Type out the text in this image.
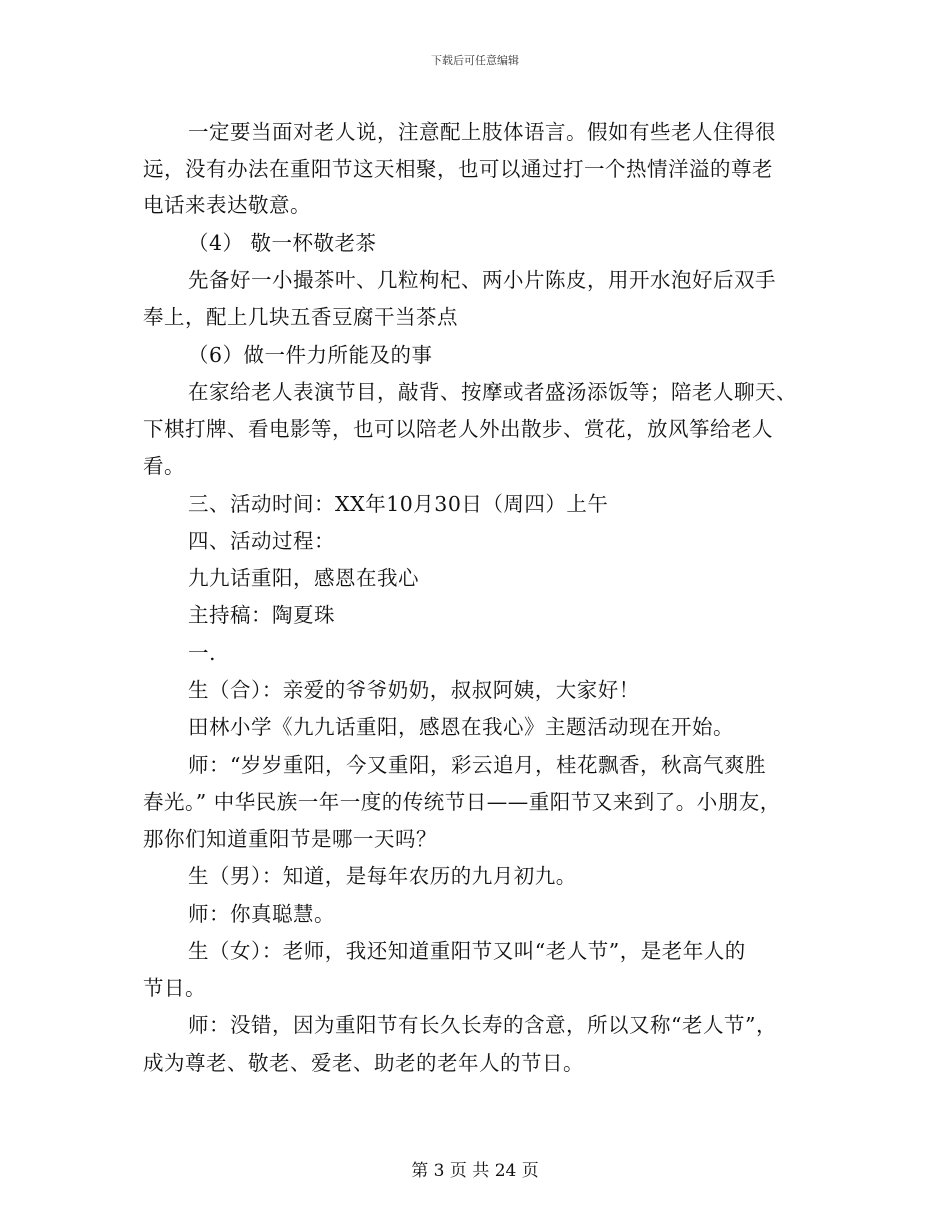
下载后可任意编辑
一定要当面对老人说，注意配上肢体语言。假如有些老人住得很
远，没有办法在重阳节这天相聚，也可以通过打一个热情洋溢的尊老
电话来表达敬意。
（4） 敬一杯敬老茶
先备好一小撮茶叶、几粒枸杞、两小片陈皮，用开水泡好后双手
奉上，配上几块五香豆腐干当茶点
（6）做一件力所能及的事
在家给老人表演节目，敲背、按摩或者盛汤添饭等；陪老人聊天、
下棋打牌、看电影等，也可以陪老人外出散步、赏花，放风筝给老人
看。
三、活动时间：XX年10月30日（周四）上午
四、活动过程：
九九话重阳，感恩在我心
主持稿：陶夏珠
一.
生（合）：亲爱的爷爷奶奶，叔叔阿姨，大家好！
田林小学《九九话重阳，感恩在我心》主题活动现在开始。
师：“岁岁重阳，今又重阳，彩云追月，桂花飘香，秋高气爽胜
春光。” 中华民族一年一度的传统节日——重阳节又来到了。小朋友，
那你们知道重阳节是哪一天吗？
生（男）：知道，是每年农历的九月初九。
师：你真聪慧。
生（女）：老师，我还知道重阳节又叫“老人节”，是老年人的
节日。
师：没错，因为重阳节有长久长寿的含意，所以又称“老人节”，
成为尊老、敬老、爱老、助老的老年人的节日。
第 3 页 共 24 页
